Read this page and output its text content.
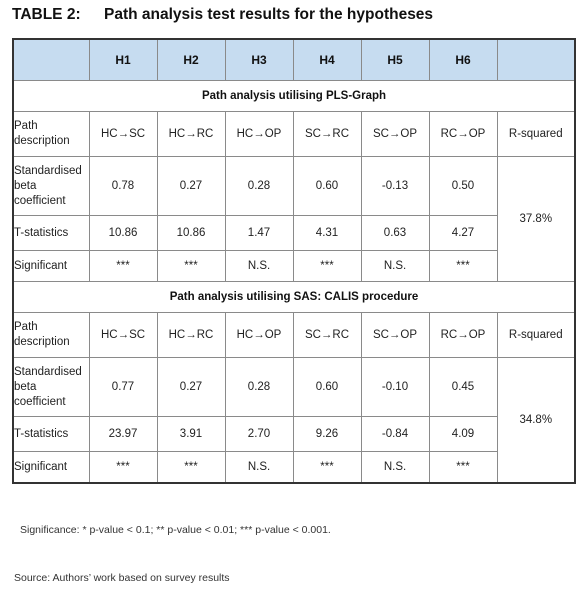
TABLE 2: Path analysis test results for the hypotheses
	H1	H2	H3	H4	H5	H6	
Path analysis utilising PLS-Graph							
Path description	HC→SC	HC→RC	HC→OP	SC→RC	SC→OP	RC→OP	R-squared
Standardised beta coefficient	0.78	0.27	0.28	0.60	-0.13	0.50	37.8%
T-statistics	10.86	10.86	1.47	4.31	0.63	4.27	
Significant	***	***	N.S.	***	N.S.	***	
Path analysis utilising SAS: CALIS procedure							
Path description	HC→SC	HC→RC	HC→OP	SC→RC	SC→OP	RC→OP	R-squared
Standardised beta coefficient	0.77	0.27	0.28	0.60	-0.10	0.45	34.8%
T-statistics	23.97	3.91	2.70	9.26	-0.84	4.09	
Significant	***	***	N.S.	***	N.S.	***	
Significance: * p-value < 0.1; ** p-value < 0.01; *** p-value < 0.001.
Source: Authors’ work based on survey results
